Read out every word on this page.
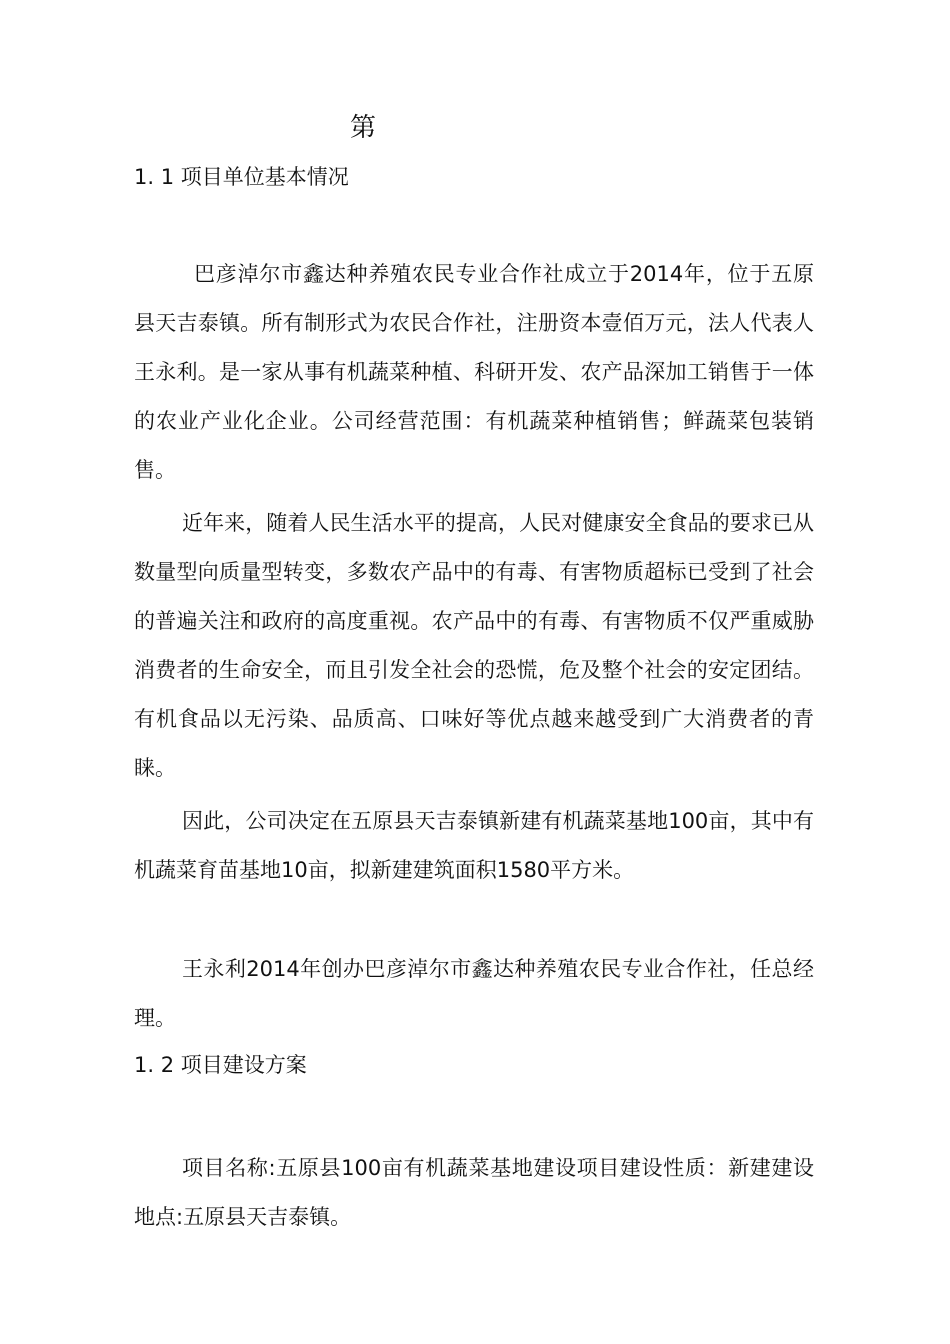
第
1. 1 项目单位基本情况

巴彦淖尔市鑫达种养殖农民专业合作社成立于2014年，位于五原县天吉泰镇。所有制形式为农民合作社，注册资本壹佰万元，法人代表人王永利。是一家从事有机蔬菜种植、科研开发、农产品深加工销售于一体的农业产业化企业。公司经营范围：有机蔬菜种植销售；鲜蔬菜包装销售。

近年来，随着人民生活水平的提高，人民对健康安全食品的要求已从数量型向质量型转变，多数农产品中的有毒、有害物质超标已受到了社会的普遍关注和政府的高度重视。农产品中的有毒、有害物质不仅严重威胁消费者的生命安全，而且引发全社会的恐慌，危及整个社会的安定团结。有机食品以无污染、品质高、口味好等优点越来越受到广大消费者的青睐。

因此，公司决定在五原县天吉泰镇新建有机蔬菜基地100亩，其中有机蔬菜育苗基地10亩，拟新建建筑面积1580平方米。

王永利2014年创办巴彦淖尔市鑫达种养殖农民专业合作社，任总经理。

1. 2 项目建设方案

项目名称:五原县100亩有机蔬菜基地建设项目建设性质：新建建设地点:五原县天吉泰镇。
